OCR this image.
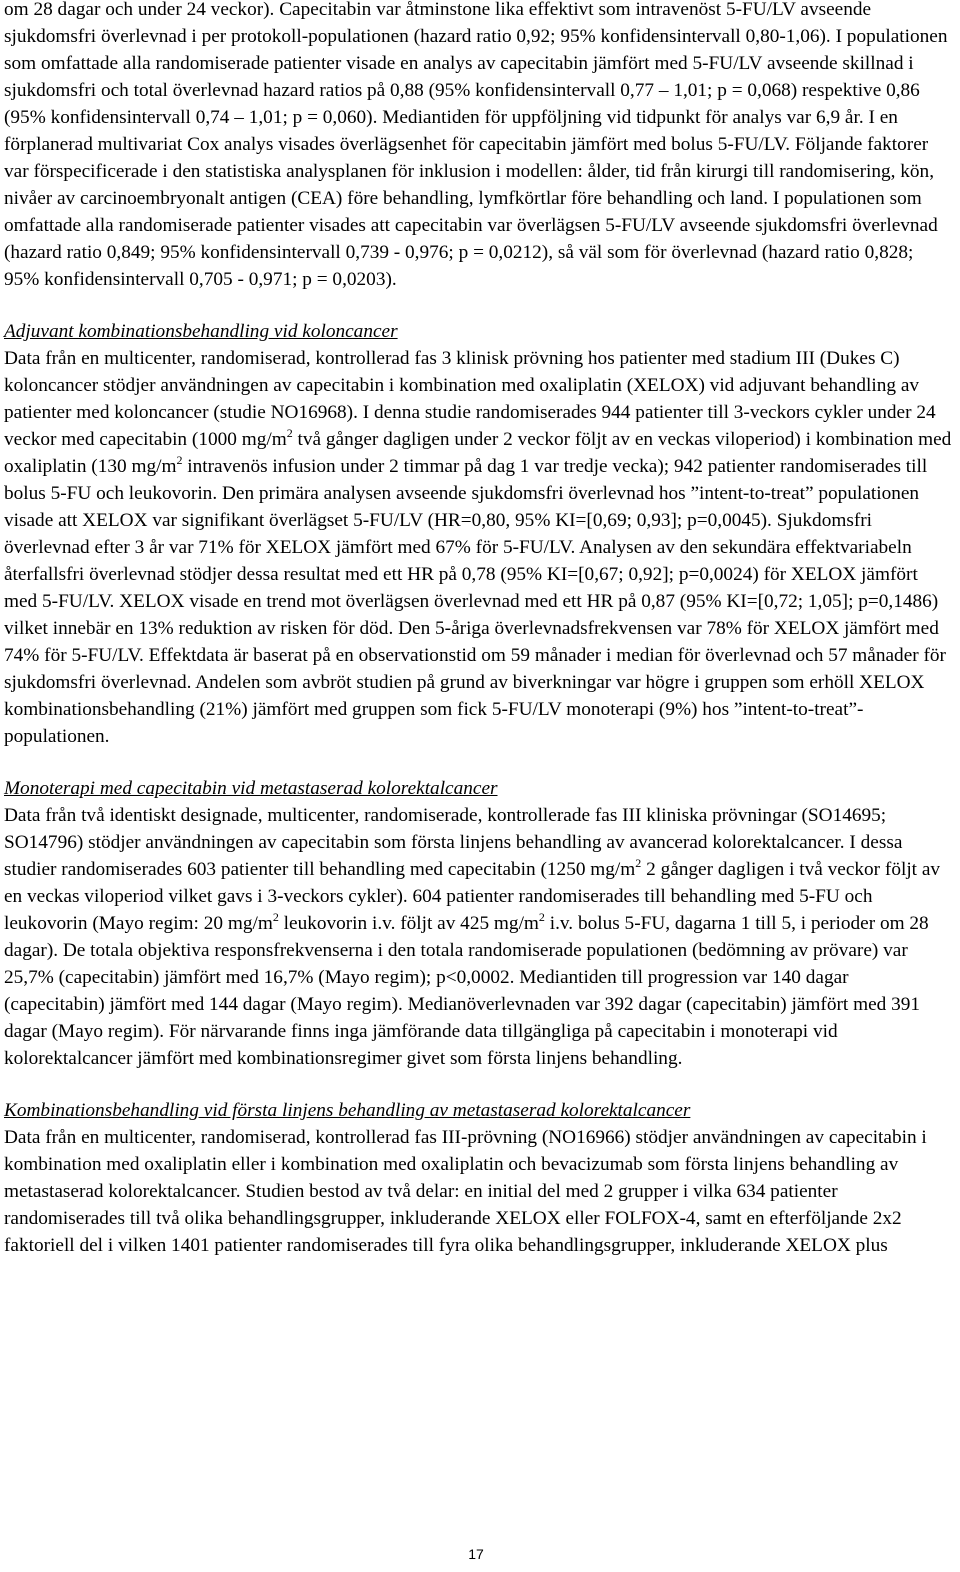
om 28 dagar och under 24 veckor). Capecitabin var åtminstone lika effektivt som intravenöst 5-FU/LV avseende sjukdomsfri överlevnad i per protokoll-populationen (hazard ratio 0,92; 95% konfidensintervall 0,80-1,06). I populationen som omfattade alla randomiserade patienter visade en analys av capecitabin jämfört med 5-FU/LV avseende skillnad i sjukdomsfri och total överlevnad hazard ratios på 0,88 (95% konfidensintervall 0,77 – 1,01; p = 0,068) respektive 0,86 (95% konfidensintervall 0,74 – 1,01; p = 0,060). Mediantiden för uppföljning vid tidpunkt för analys var 6,9 år. I en förplanerad multivariat Cox analys visades överlägsenhet för capecitabin jämfört med bolus 5-FU/LV. Följande faktorer var förspecificerade i den statistiska analysplanen för inklusion i modellen: ålder, tid från kirurgi till randomisering, kön, nivåer av carcinoembryonalt antigen (CEA) före behandling, lymfkörtlar före behandling och land. I populationen som omfattade alla randomiserade patienter visades att capecitabin var överlägsen 5-FU/LV avseende sjukdomsfri överlevnad (hazard ratio 0,849; 95% konfidensintervall 0,739 - 0,976; p = 0,0212), så väl som för överlevnad (hazard ratio 0,828; 95% konfidensintervall 0,705 - 0,971; p = 0,0203).

Adjuvant kombinationsbehandling vid koloncancer

Data från en multicenter, randomiserad, kontrollerad fas 3 klinisk prövning hos patienter med stadium III (Dukes C) koloncancer stödjer användningen av capecitabin i kombination med oxaliplatin (XELOX) vid adjuvant behandling av patienter med koloncancer (studie NO16968). I denna studie randomiserades 944 patienter till 3-veckors cykler under 24 veckor med capecitabin (1000 $mg/m^2$ två gånger dagligen under 2 veckor följt av en veckas viloperiod) i kombination med oxaliplatin (130 $mg/m^2$ intravenös infusion under 2 timmar på dag 1 var tredje vecka); 942 patienter randomiserades till bolus 5-FU och leukovorin. Den primära analysen avseende sjukdomsfri överlevnad hos ”intent-to-treat” populationen visade att XELOX var signifikant överlägset 5-FU/LV (HR=0,80, 95% KI=[0,69; 0,93]; p=0,0045). Sjukdomsfri överlevnad efter 3 år var 71% för XELOX jämfört med 67% för 5-FU/LV. Analysen av den sekundära effektvariabeln återfallsfri överlevnad stödjer dessa resultat med ett HR på 0,78 (95% KI=[0,67; 0,92]; p=0,0024) för XELOX jämfört med 5-FU/LV. XELOX visade en trend mot överlägsen överlevnad med ett HR på 0,87 (95% KI=[0,72; 1,05]; p=0,1486) vilket innebär en 13% reduktion av risken för död. Den 5-åriga överlevnadsfrekvensen var 78% för XELOX jämfört med 74% för 5-FU/LV. Effektdata är baserat på en observationstid om 59 månader i median för överlevnad och 57 månader för sjukdomsfri överlevnad. Andelen som avbröt studien på grund av biverkningar var högre i gruppen som erhöll XELOX kombinationsbehandling (21%) jämfört med gruppen som fick 5-FU/LV monoterapi (9%) hos ”intent-to-treat”-populationen.

Monoterapi med capecitabin vid metastaserad kolorektalcancer

Data från två identiskt designade, multicenter, randomiserade, kontrollerade fas III kliniska prövningar (SO14695; SO14796) stödjer användningen av capecitabin som första linjens behandling av avancerad kolorektalcancer. I dessa studier randomiserades 603 patienter till behandling med capecitabin (1250 $mg/m^2$ 2 gånger dagligen i två veckor följt av en veckas viloperiod vilket gavs i 3-veckors cykler). 604 patienter randomiserades till behandling med 5-FU och leukovorin (Mayo regim: 20 $mg/m^2$ leukovorin i.v. följt av 425 $mg/m^2$ i.v. bolus 5-FU, dagarna 1 till 5, i perioder om 28 dagar). De totala objektiva responsfrekvenserna i den totala randomiserade populationen (bedömning av prövare) var 25,7% (capecitabin) jämfört med 16,7% (Mayo regim); p<0,0002. Mediantiden till progression var 140 dagar (capecitabin) jämfört med 144 dagar (Mayo regim). Medianöverlevnaden var 392 dagar (capecitabin) jämfört med 391 dagar (Mayo regim). För närvarande finns inga jämförande data tillgängliga på capecitabin i monoterapi vid kolorektalcancer jämfört med kombinationsregimer givet som första linjens behandling.

Kombinationsbehandling vid första linjens behandling av metastaserad kolorektalcancer

Data från en multicenter, randomiserad, kontrollerad fas III-prövning (NO16966) stödjer användningen av capecitabin i kombination med oxaliplatin eller i kombination med oxaliplatin och bevacizumab som första linjens behandling av metastaserad kolorektalcancer. Studien bestod av två delar: en initial del med 2 grupper i vilka 634 patienter randomiserades till två olika behandlingsgrupper, inkluderande XELOX eller FOLFOX-4, samt en efterföljande 2x2 faktoriell del i vilken 1401 patienter randomiserades till fyra olika behandlingsgrupper, inkluderande XELOX plus

17
